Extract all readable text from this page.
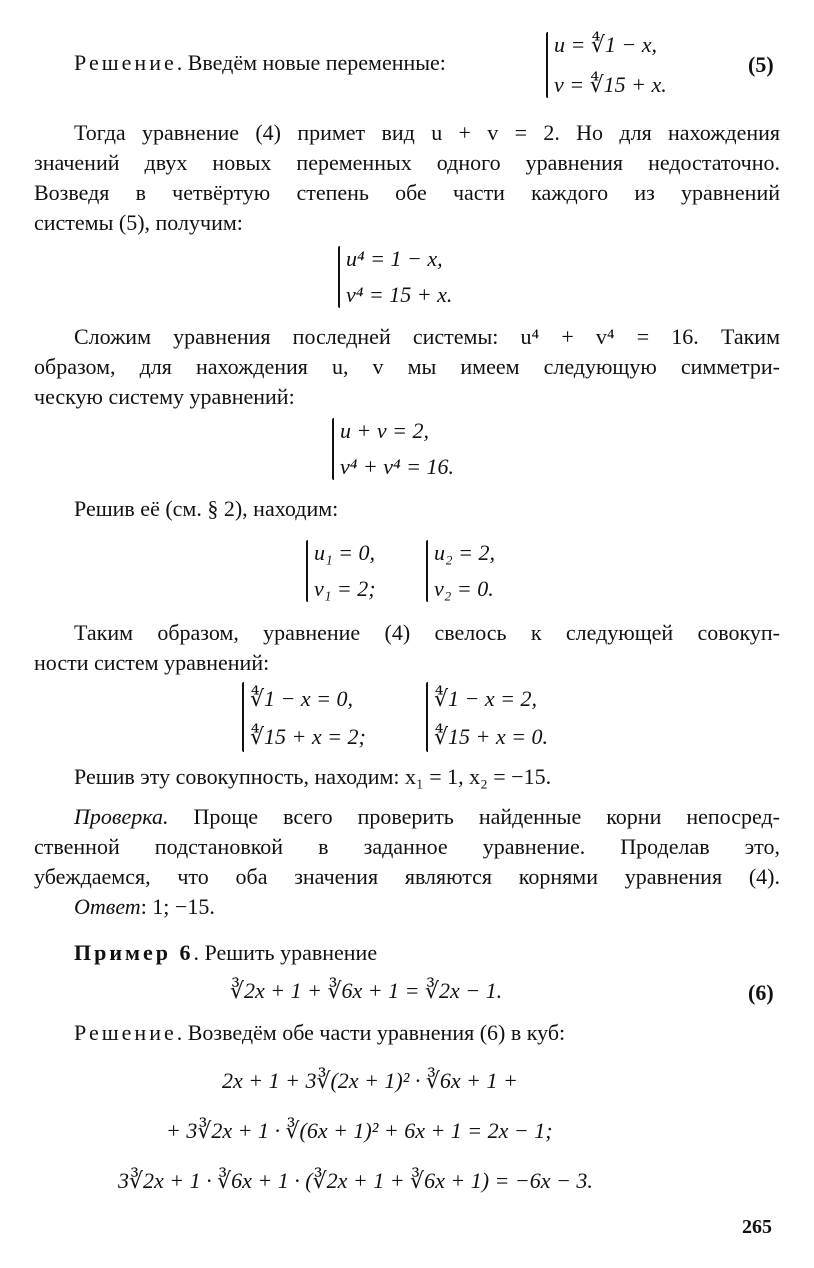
Решение. Введём новые переменные:
u = ∜1 − x,
v = ∜15 + x.
(5)
Тогда уравнение (4) примет вид u + v = 2. Но для нахождения
значений двух новых переменных одного уравнения недостаточно.
Возведя в четвёртую степень обе части каждого из уравнений
системы (5), получим:
u⁴ = 1 − x,
v⁴ = 15 + x.
Сложим уравнения последней системы: u⁴ + v⁴ = 16. Таким
образом, для нахождения u, v мы имеем следующую симметри-
ческую систему уравнений:
u + v = 2,
v⁴ + v⁴ = 16.
Решив её (см. § 2), находим:
u₁ = 0,
v₁ = 2;
u₂ = 2,
v₂ = 0.
Таким образом, уравнение (4) свелось к следующей совокуп-
ности систем уравнений:
∜1 − x = 0,
∜15 + x = 2;
∜1 − x = 2,
∜15 + x = 0.
Решив эту совокупность, находим: x₁ = 1, x₂ = −15.
Проверка. Проще всего проверить найденные корни непосред-
ственной подстановкой в заданное уравнение. Проделав это,
убеждаемся, что оба значения являются корнями уравнения (4).
Ответ: 1; −15.
Пример 6. Решить уравнение
∛2x + 1 + ∛6x + 1 = ∛2x − 1.	(6)
Решение. Возведём обе части уравнения (6) в куб:
2x + 1 + 3∛(2x + 1)² · ∛6x + 1 +
+ 3∛2x + 1 · ∛(6x + 1)² + 6x + 1 = 2x − 1;
3∛2x + 1 · ∛6x + 1 · (∛2x + 1 + ∛6x + 1) = −6x − 3.
265
